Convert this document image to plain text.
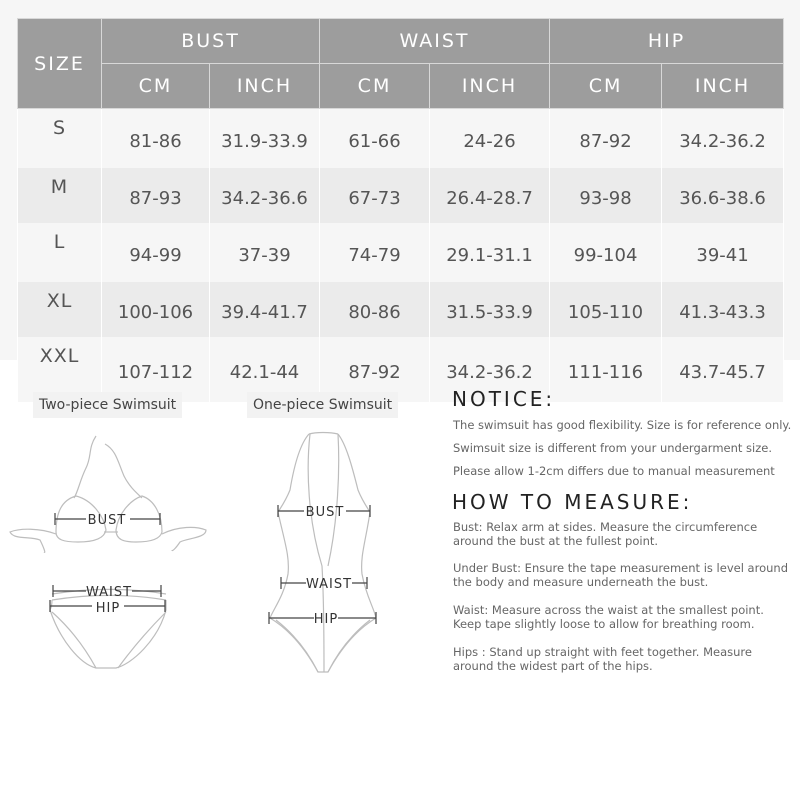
SIZE	BUST		WAIST		HIP	
	CM	INCH	CM	INCH	CM	INCH
S	81-86	31.9-33.9	61-66	24-26	87-92	34.2-36.2
M	87-93	34.2-36.6	67-73	26.4-28.7	93-98	36.6-38.6
L	94-99	37-39	74-79	29.1-31.1	99-104	39-41
XL	100-106	39.4-41.7	80-86	31.5-33.9	105-110	41.3-43.3
XXL	107-112	42.1-44	87-92	34.2-36.2	111-116	43.7-45.7
Two-piece Swimsuit
BUST
WAIST
HIP
One-piece Swimsuit
BUST
WAIST
HIP
NOTICE:
The swimsuit has good flexibility. Size is for reference only.
Swimsuit size is different from your undergarment size.
Please allow 1-2cm differs due to manual measurement
HOW TO MEASURE:
Bust: Relax arm at sides. Measure the circumference around the bust at the fullest point.
Under Bust: Ensure the tape measurement is level around the body and measure underneath the bust.
Waist: Measure across the waist at the smallest point. Keep tape slightly loose to allow for breathing room.
Hips : Stand up straight with feet together. Measure around the widest part of the hips.
